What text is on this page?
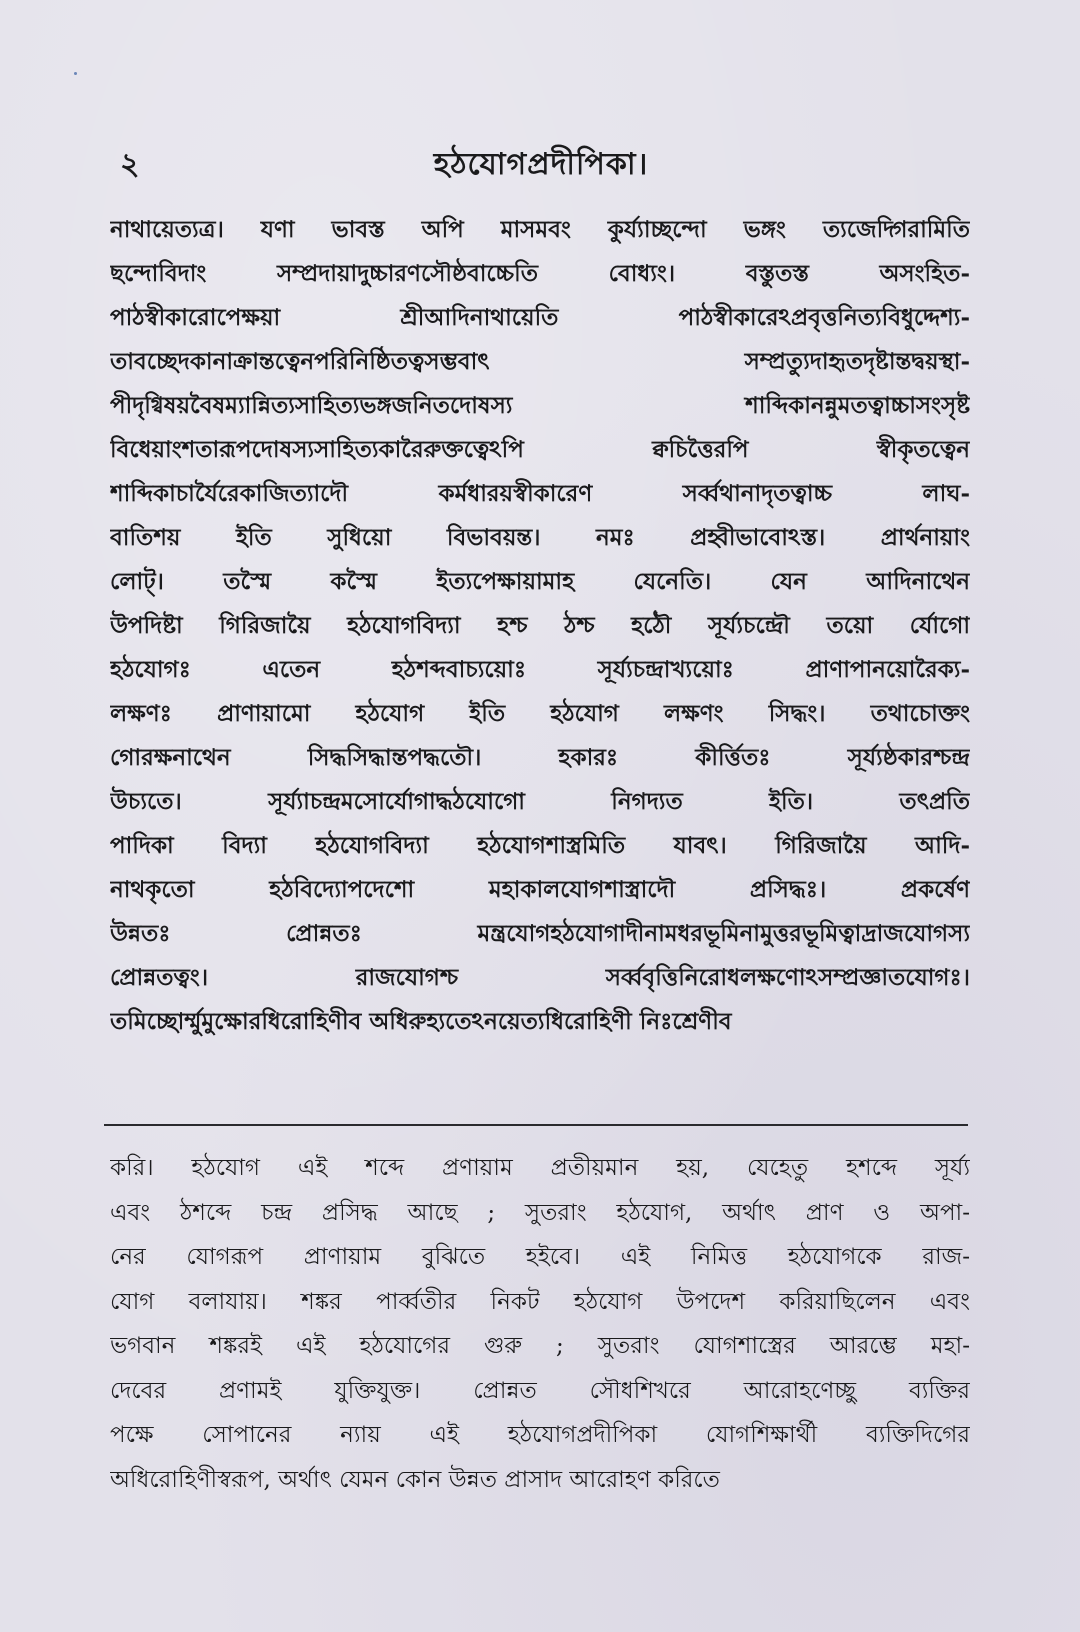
২	হঠযোগপ্রদীপিকা।
নাথায়েত্যত্র। যণা ভাবস্ত অপি মাসমবং কুর্য্যাচ্ছন্দো ভঙ্গং ত্যজেদ্গিরামিতি
ছন্দোবিদাং সম্প্রদায়াদুচ্চারণসৌষ্ঠবাচ্চেতি বোধ্যং। বস্তুতস্ত অসংহিত-
পাঠস্বীকারোপেক্ষয়া শ্রীআদিনাথায়েতি পাঠস্বীকারেঽপ্রবৃত্তনিত্যবিধুদ্দেশ্য-
তাবচ্ছেদকানাক্রান্তত্বেনপরিনিষ্ঠিতত্বসম্ভবাৎ সম্প্রত্যুদাহৃতদৃষ্টান্তদ্বয়স্থা-
পীদৃগ্বিষয়বৈষম্যান্নিত্যসাহিত্যভঙ্গজনিতদোষস্য শাব্দিকানন্নুমতত্বাচ্চাসংসৃষ্ট
বিধেয়াংশতারূপদোষস্যসাহিত্যকারৈরুক্তত্বেঽপি ক্বচিত্তৈরপি স্বীকৃতত্বেন
শাব্দিকাচার্যৈরেকাজিত্যাদৌ কর্মধারয়স্বীকারেণ সর্ব্বথানাদৃতত্বাচ্চ লাঘ-
বাতিশয় ইতি সুধিয়ো বিভাবয়ন্ত। নমঃ প্রহ্বীভাবোঽস্ত। প্রার্থনায়াং
লোট্। তস্মৈ কস্মৈ ইত্যপেক্ষায়ামাহ যেনেতি। যেন আদিনাথেন
উপদিষ্টা গিরিজায়ৈ হঠযোগবিদ্যা হশ্চ ঠশ্চ হঠৌ সূর্য্যচন্দ্রৌ তয়ো র্যোগো
হঠযোগঃ এতেন হঠশব্দবাচ্যয়োঃ সূর্য্যচন্দ্রাখ্যয়োঃ প্রাণাপানয়োরৈক্য-
লক্ষণঃ প্রাণায়ামো হঠযোগ ইতি হঠযোগ লক্ষণং সিদ্ধং। তথাচোক্তং
গোরক্ষনাথেন সিদ্ধসিদ্ধান্তপদ্ধতৌ। হকারঃ কীর্ত্তিতঃ সূর্য্যষ্ঠকারশ্চন্দ্র
উচ্যতে। সূর্য্যাচন্দ্রমসোর্যোগাদ্ধঠযোগো নিগদ্যত ইতি। তৎপ্রতি
পাদিকা বিদ্যা হঠযোগবিদ্যা হঠযোগশাস্ত্রমিতি যাবৎ। গিরিজায়ৈ আদি-
নাথকৃতো হঠবিদ্যোপদেশো মহাকালযোগশাস্ত্রাদৌ প্রসিদ্ধঃ। প্রকর্ষেণ
উন্নতঃ প্রোন্নতঃ মন্ত্রযোগহঠযোগাদীনামধরভূমিনামুত্তরভূমিত্বাদ্রাজযোগস্য
প্রোন্নতত্বং। রাজযোগশ্চ সর্ব্ববৃত্তিনিরোধলক্ষণোঽসম্প্রজ্ঞাতযোগঃ।
তমিচ্ছোর্ম্মুমুক্ষোরধিরোহিণীব অধিরুহ্যতেঽনয়েত্যধিরোহিণী নিঃশ্রেণীব
করি। হঠযোগ এই শব্দে প্রণায়াম প্রতীয়মান হয়, যেহেতু হশব্দে সূর্য্য
এবং ঠশব্দে চন্দ্র প্রসিদ্ধ আছে ; সুতরাং হঠযোগ, অর্থাৎ প্রাণ ও অপা-
নের যোগরূপ প্রাণায়াম বুঝিতে হইবে। এই নিমিত্ত হঠযোগকে রাজ-
যোগ বলাযায়। শঙ্কর পার্ব্বতীর নিকট হঠযোগ উপদেশ করিয়াছিলেন এবং
ভগবান শঙ্করই এই হঠযোগের গুরু ; সুতরাং যোগশাস্ত্রের আরম্ভে মহা-
দেবের প্রণামই যুক্তিযুক্ত। প্রোন্নত সৌধশিখরে আরোহণেচ্ছু ব্যক্তির
পক্ষে সোপানের ন্যায় এই হঠযোগপ্রদীপিকা যোগশিক্ষার্থী ব্যক্তিদিগের
অধিরোহিণীস্বরূপ, অর্থাৎ যেমন কোন উন্নত প্রাসাদ আরোহণ করিতে
